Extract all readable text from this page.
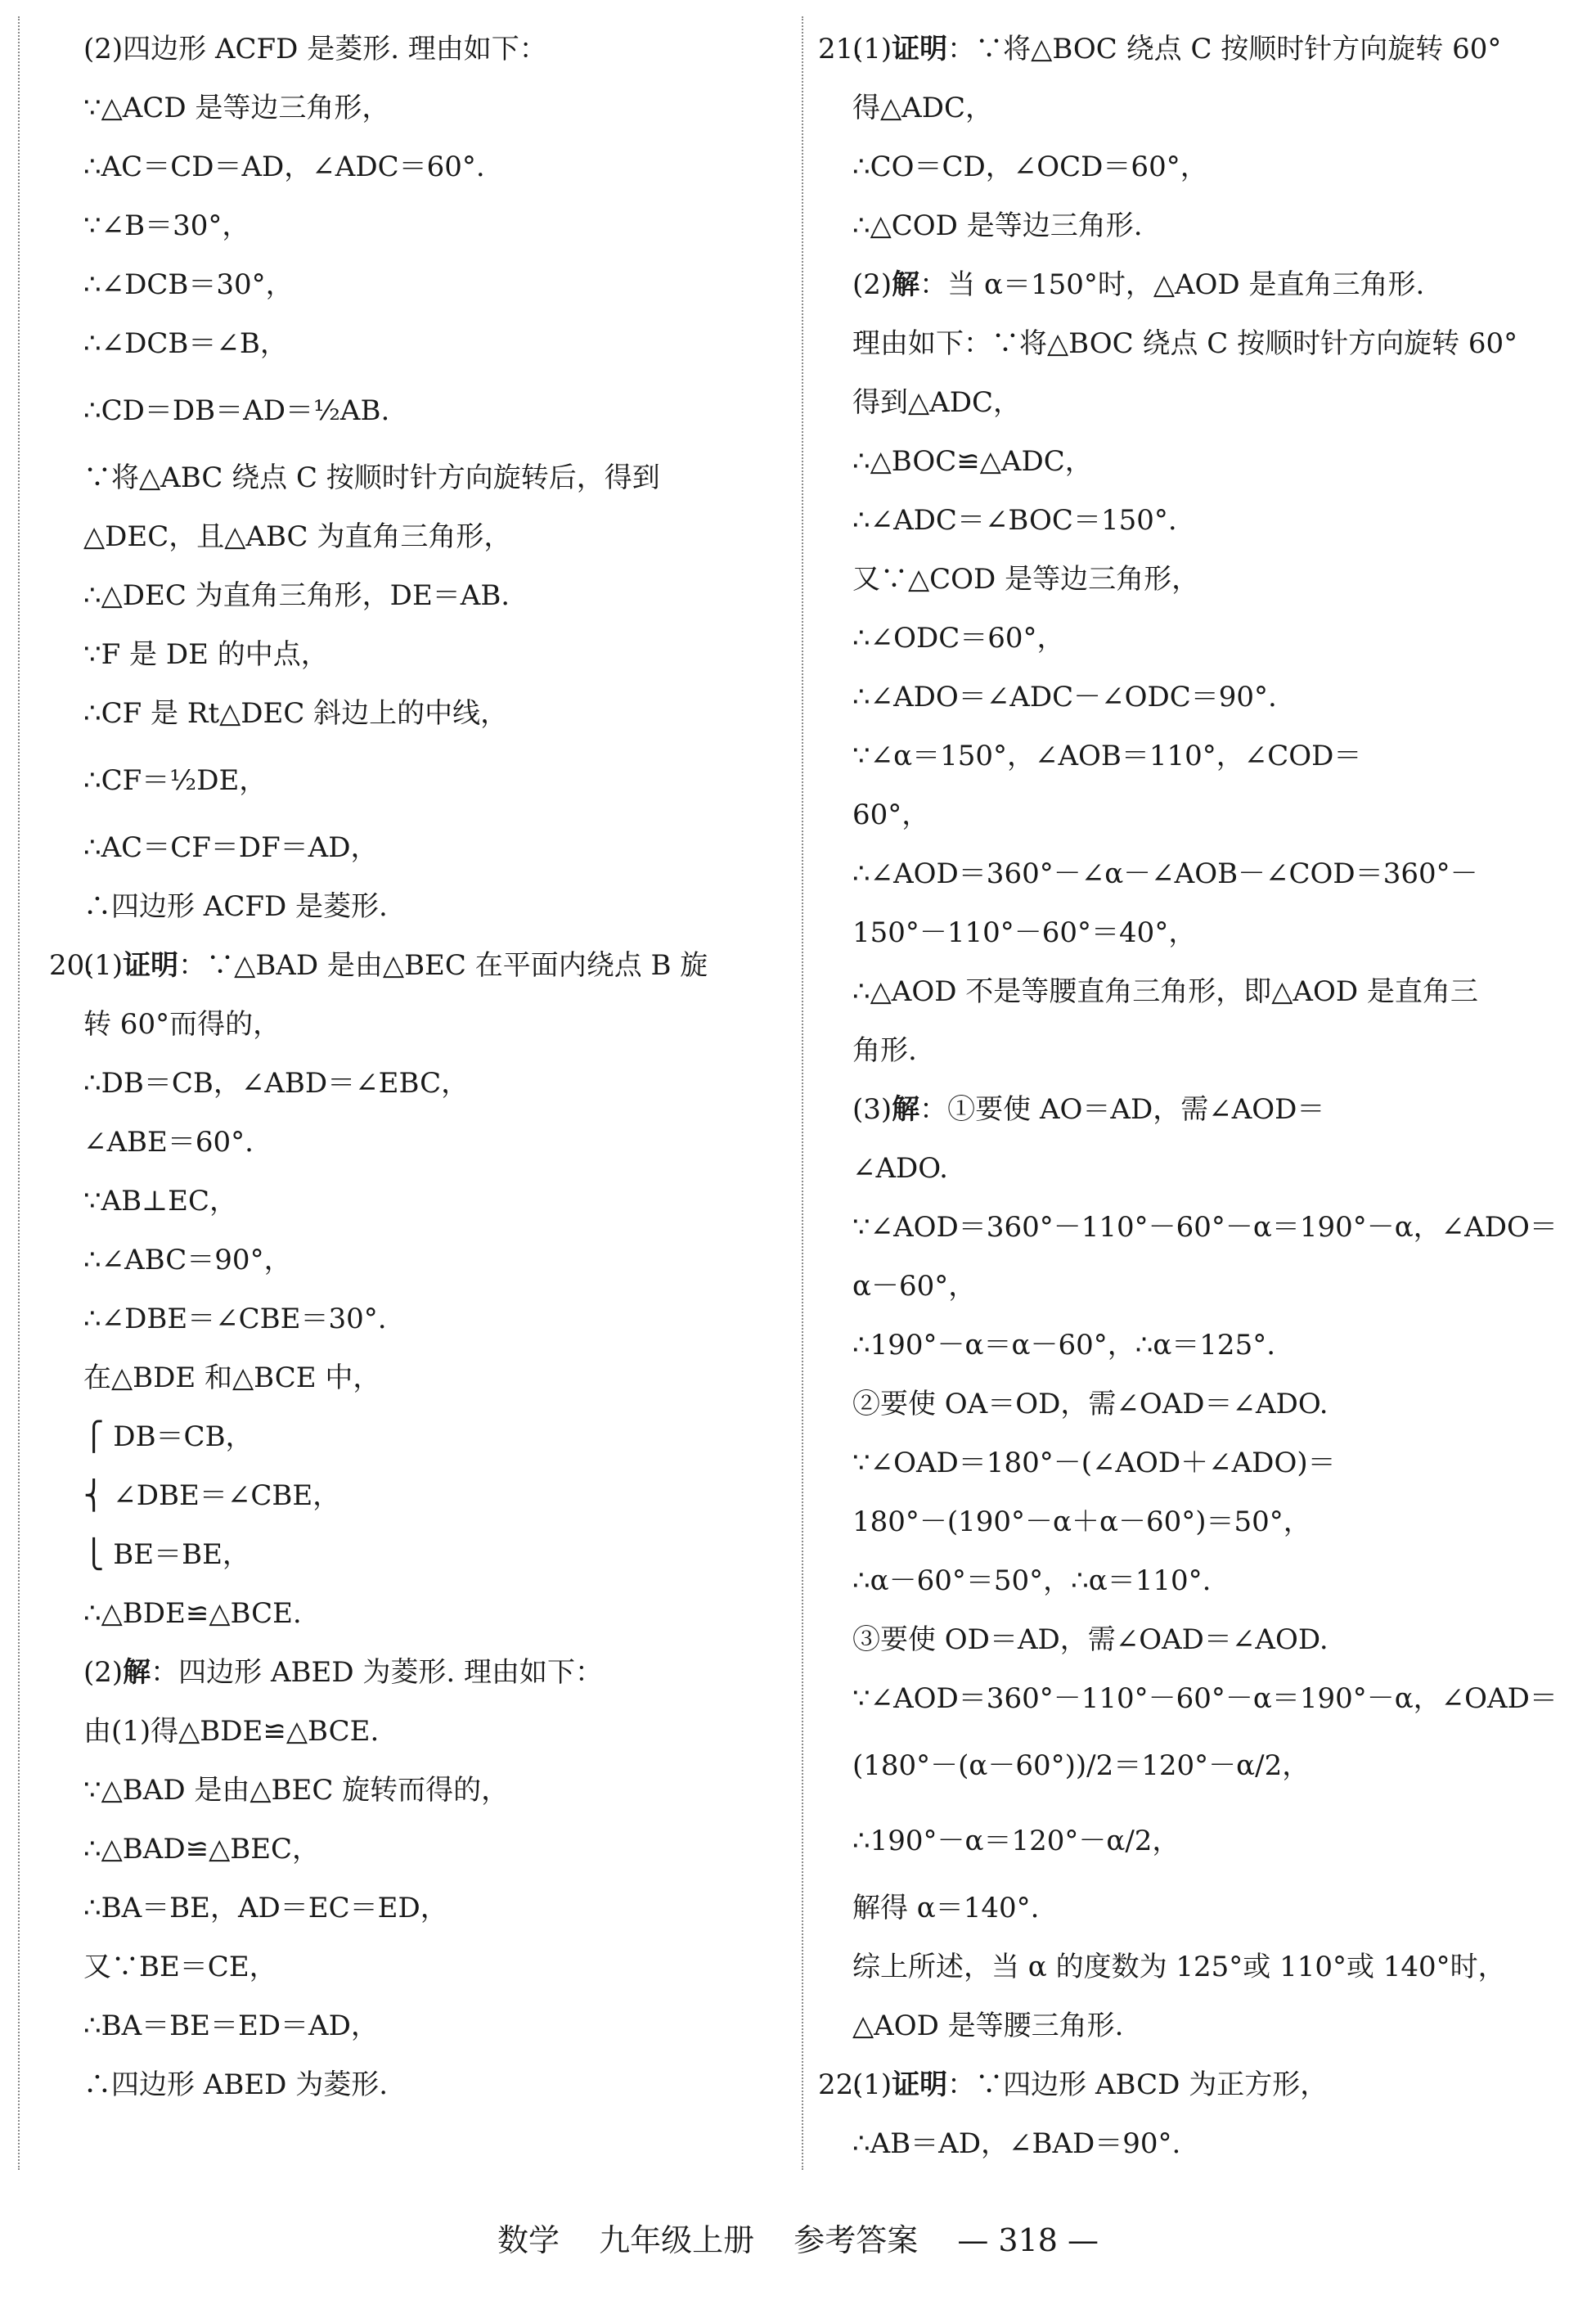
(2)四边形 ACFD 是菱形. 理由如下：
∵△ACD 是等边三角形，
∴AC＝CD＝AD，∠ADC＝60°.
∵∠B＝30°，
∴∠DCB＝30°，
∴∠DCB＝∠B，
∴CD＝DB＝AD＝½AB.
∵将△ABC 绕点 C 按顺时针方向旋转后，得到
△DEC，且△ABC 为直角三角形，
∴△DEC 为直角三角形，DE＝AB.
∵F 是 DE 的中点，
∴CF 是 Rt△DEC 斜边上的中线，
∴CF＝½DE，
∴AC＝CF＝DF＝AD，
∴四边形 ACFD 是菱形.
20.(1)证明：∵△BAD 是由△BEC 在平面内绕点 B 旋
转 60°而得的，
∴DB＝CB，∠ABD＝∠EBC，
∠ABE＝60°.
∵AB⊥EC，
∴∠ABC＝90°，
∴∠DBE＝∠CBE＝30°.
在△BDE 和△BCE 中，
⎧ DB＝CB，
⎨ ∠DBE＝∠CBE，
⎩ BE＝BE，
∴△BDE≌△BCE.
(2)解：四边形 ABED 为菱形. 理由如下：
由(1)得△BDE≌△BCE.
∵△BAD 是由△BEC 旋转而得的，
∴△BAD≌△BEC，
∴BA＝BE，AD＝EC＝ED，
又∵BE＝CE，
∴BA＝BE＝ED＝AD，
∴四边形 ABED 为菱形.
21.(1)证明：∵将△BOC 绕点 C 按顺时针方向旋转 60°
得△ADC，
∴CO＝CD，∠OCD＝60°，
∴△COD 是等边三角形.
(2)解：当 α＝150°时，△AOD 是直角三角形.
理由如下：∵将△BOC 绕点 C 按顺时针方向旋转 60°
得到△ADC，
∴△BOC≌△ADC，
∴∠ADC＝∠BOC＝150°.
又∵△COD 是等边三角形，
∴∠ODC＝60°，
∴∠ADO＝∠ADC－∠ODC＝90°.
∵∠α＝150°，∠AOB＝110°，∠COD＝
60°，
∴∠AOD＝360°－∠α－∠AOB－∠COD＝360°－
150°－110°－60°＝40°，
∴△AOD 不是等腰直角三角形，即△AOD 是直角三
角形.
(3)解：①要使 AO＝AD，需∠AOD＝
∠ADO.
∵∠AOD＝360°－110°－60°－α＝190°－α，∠ADO＝
α－60°，
∴190°－α＝α－60°，∴α＝125°.
②要使 OA＝OD，需∠OAD＝∠ADO.
∵∠OAD＝180°－(∠AOD＋∠ADO)＝
180°－(190°－α＋α－60°)＝50°，
∴α－60°＝50°，∴α＝110°.
③要使 OD＝AD，需∠OAD＝∠AOD.
∵∠AOD＝360°－110°－60°－α＝190°－α，∠OAD＝
(180°－(α－60°))/2＝120°－α/2，
∴190°－α＝120°－α/2，
解得 α＝140°.
综上所述，当 α 的度数为 125°或 110°或 140°时，
△AOD 是等腰三角形.
22.(1)证明：∵四边形 ABCD 为正方形，
∴AB＝AD，∠BAD＝90°.
数学 九年级上册 参考答案 — 318 —
